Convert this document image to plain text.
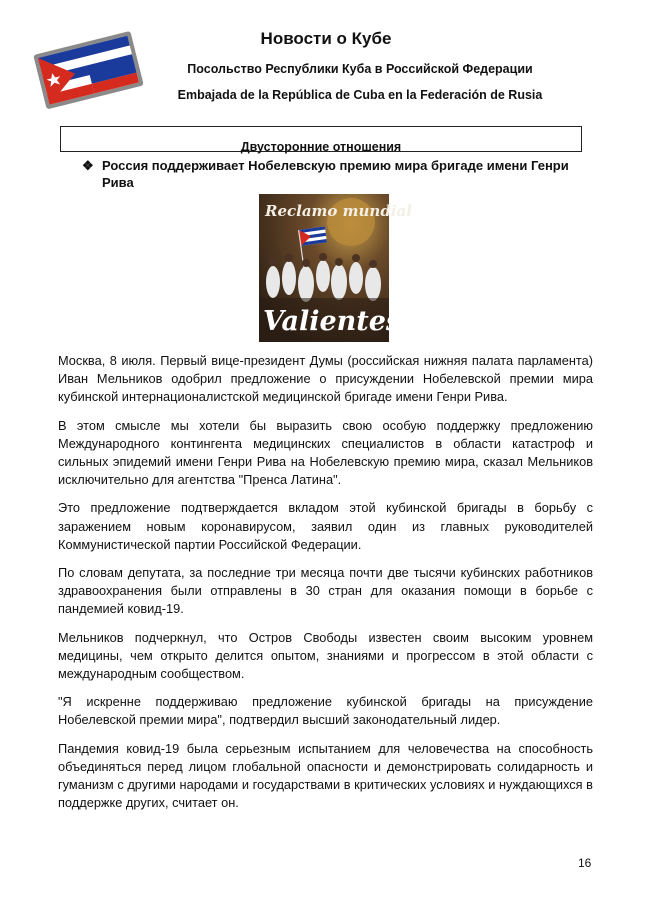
Новости о Кубе
Посольство Республики Куба в Российской Федерации
Embajada de la República de Cuba en la Federación de Rusia
Двусторонние отношения
❖ Россия поддерживает Нобелевскую премию мира бригаде имени Генри Рива
Reclamo mundial
Valientes

Москва, 8 июля. Первый вице-президент Думы (российская нижняя палата парламента) Иван Мельников одобрил предложение о присуждении Нобелевской премии мира кубинской интернационалистской медицинской бригаде имени Генри Рива.

В этом смысле мы хотели бы выразить свою особую поддержку предложению Международного контингента медицинских специалистов в области катастроф и сильных эпидемий имени Генри Рива на Нобелевскую премию мира, сказал Мельников исключительно для агентства "Пренса Латина".

Это предложение подтверждается вкладом этой кубинской бригады в борьбу с заражением новым коронавирусом, заявил один из главных руководителей Коммунистической партии Российской Федерации.

По словам депутата, за последние три месяца почти две тысячи кубинских работников здравоохранения были отправлены в 30 стран для оказания помощи в борьбе с пандемией ковид-19.

Мельников подчеркнул, что Остров Свободы известен своим высоким уровнем медицины, чем открыто делится опытом, знаниями и прогрессом в этой области с международным сообществом.

"Я искренне поддерживаю предложение кубинской бригады на присуждение Нобелевской премии мира", подтвердил высший законодательный лидер.

Пандемия ковид-19 была серьезным испытанием для человечества на способность объединяться перед лицом глобальной опасности и демонстрировать солидарность и гуманизм с другими народами и государствами в критических условиях и нуждающихся в поддержке других, считает он.

16
